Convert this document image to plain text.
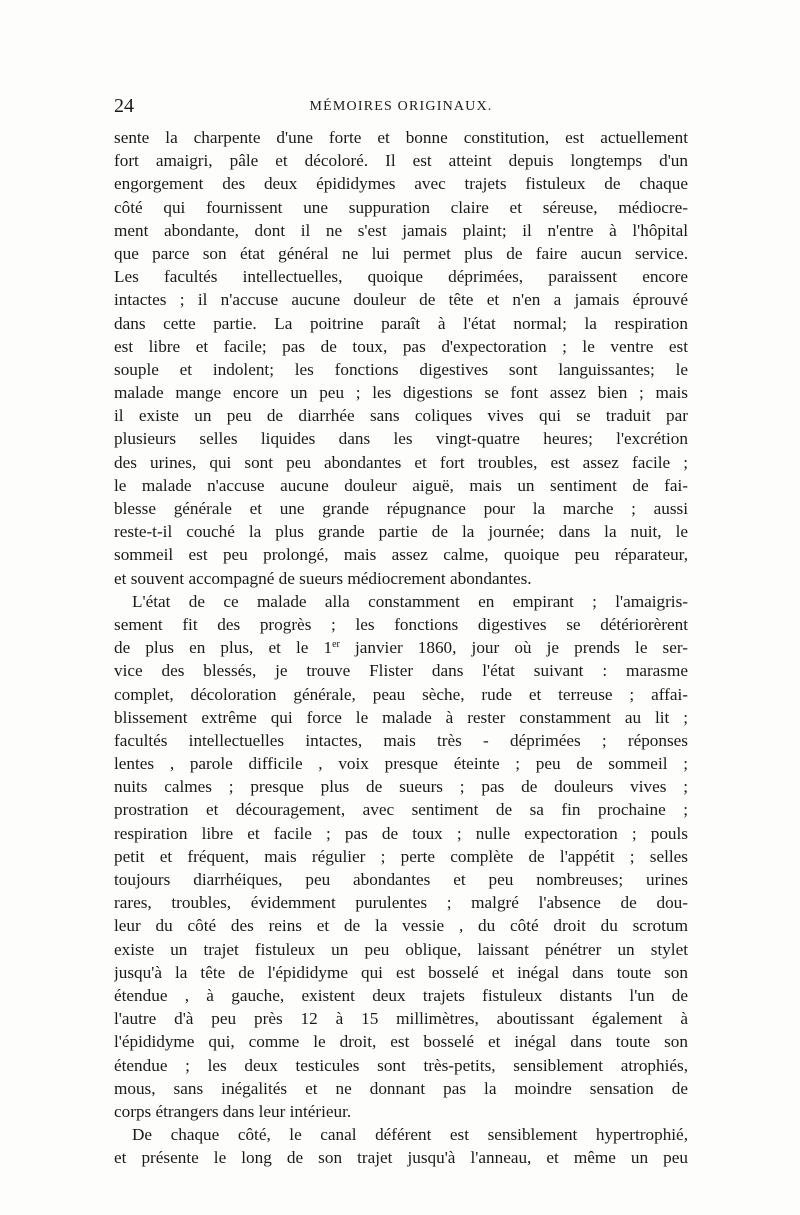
24	MÉMOIRES ORIGINAUX.
sente la charpente d'une forte et bonne constitution, est actuellement
fort amaigri, pâle et décoloré. Il est atteint depuis longtemps d'un
engorgement des deux épididymes avec trajets fistuleux de chaque
côté qui fournissent une suppuration claire et séreuse, médiocre-
ment abondante, dont il ne s'est jamais plaint; il n'entre à l'hôpital
que parce son état général ne lui permet plus de faire aucun service.
Les facultés intellectuelles, quoique déprimées, paraissent encore
intactes ; il n'accuse aucune douleur de tête et n'en a jamais éprouvé
dans cette partie. La poitrine paraît à l'état normal; la respiration
est libre et facile; pas de toux, pas d'expectoration ; le ventre est
souple et indolent; les fonctions digestives sont languissantes; le
malade mange encore un peu ; les digestions se font assez bien ; mais
il existe un peu de diarrhée sans coliques vives qui se traduit par
plusieurs selles liquides dans les vingt-quatre heures; l'excrétion
des urines, qui sont peu abondantes et fort troubles, est assez facile ;
le malade n'accuse aucune douleur aiguë, mais un sentiment de fai-
blesse générale et une grande répugnance pour la marche ; aussi
reste-t-il couché la plus grande partie de la journée; dans la nuit, le
sommeil est peu prolongé, mais assez calme, quoique peu réparateur,
et souvent accompagné de sueurs médiocrement abondantes.
L'état de ce malade alla constamment en empirant ; l'amaigris-
sement fit des progrès ; les fonctions digestives se détériorèrent
de plus en plus, et le 1er janvier 1860, jour où je prends le ser-
vice des blessés, je trouve Flister dans l'état suivant : marasme
complet, décoloration générale, peau sèche, rude et terreuse ; affai-
blissement extrême qui force le malade à rester constamment au lit ;
facultés intellectuelles intactes, mais très - déprimées ; réponses
lentes , parole difficile , voix presque éteinte ; peu de sommeil ;
nuits calmes ; presque plus de sueurs ; pas de douleurs vives ;
prostration et découragement, avec sentiment de sa fin prochaine ;
respiration libre et facile ; pas de toux ; nulle expectoration ; pouls
petit et fréquent, mais régulier ; perte complète de l'appétit ; selles
toujours diarrhéiques, peu abondantes et peu nombreuses; urines
rares, troubles, évidemment purulentes ; malgré l'absence de dou-
leur du côté des reins et de la vessie , du côté droit du scrotum
existe un trajet fistuleux un peu oblique, laissant pénétrer un stylet
jusqu'à la tête de l'épididyme qui est bosselé et inégal dans toute son
étendue , à gauche, existent deux trajets fistuleux distants l'un de
l'autre d'à peu près 12 à 15 millimètres, aboutissant également à
l'épididyme qui, comme le droit, est bosselé et inégal dans toute son
étendue ; les deux testicules sont très-petits, sensiblement atrophiés,
mous, sans inégalités et ne donnant pas la moindre sensation de
corps étrangers dans leur intérieur.
De chaque côté, le canal déférent est sensiblement hypertrophié,
et présente le long de son trajet jusqu'à l'anneau, et même un peu
